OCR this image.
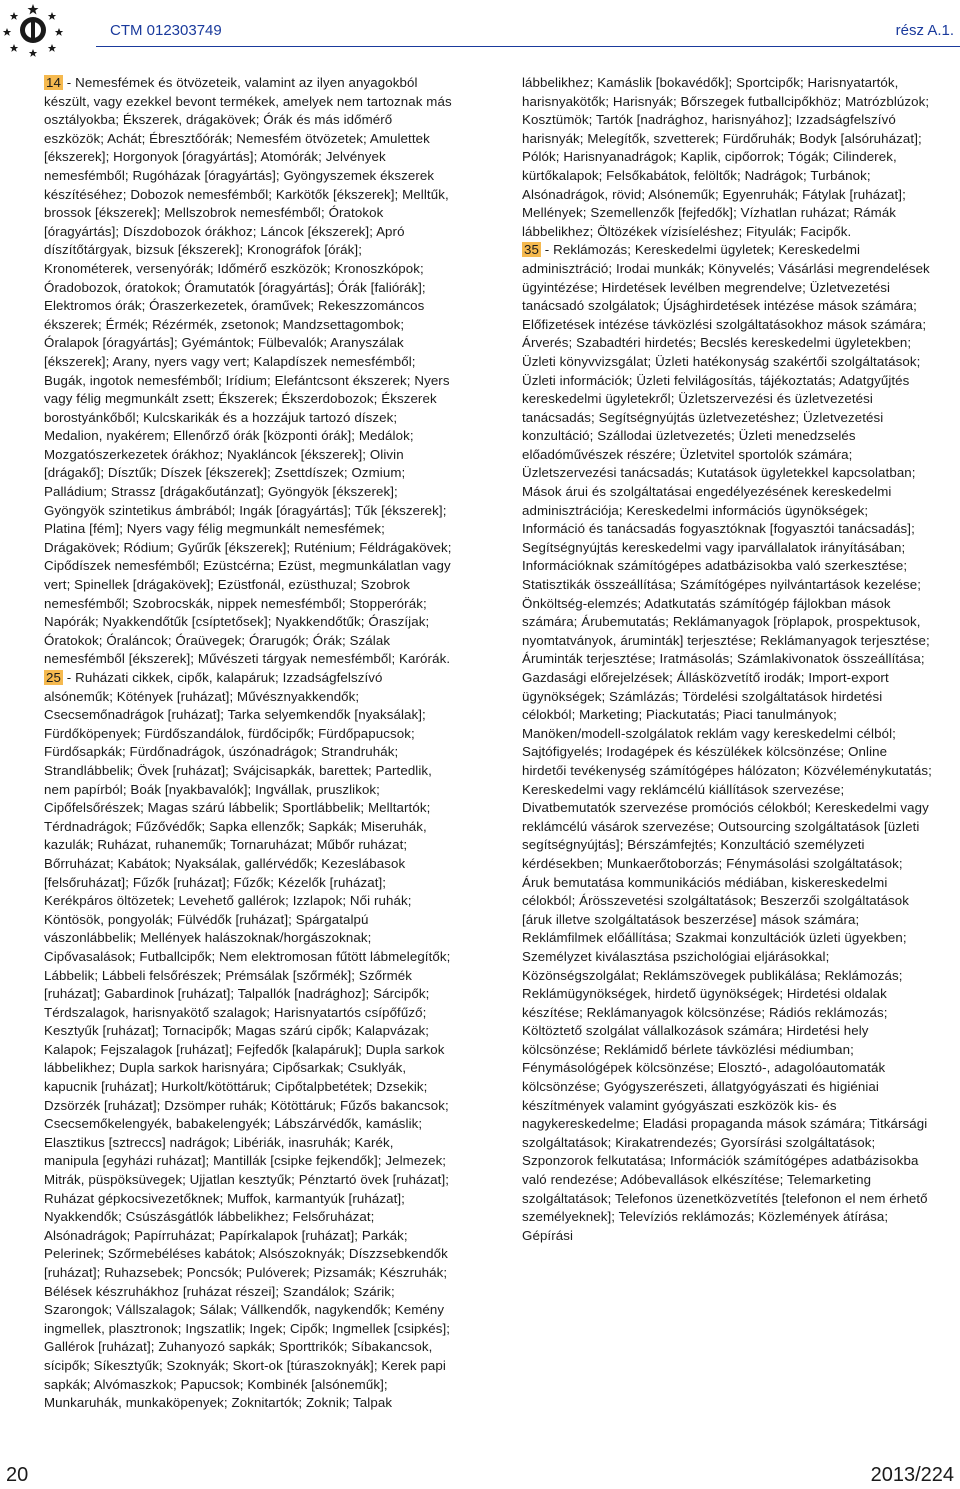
CTM 012303749	rész A.1.

14 - Nemesfémek és ötvözeteik, valamint az ilyen anyagokból készült, vagy ezekkel bevont termékek, amelyek nem tartoznak más osztályokba; Ékszerek, drágakövek; Órák és más időmérő eszközök; Achát; Ébresztőórák; Nemesfém ötvözetek; Amulettek [ékszerek]; Horgonyok [óragyártás]; Atomórák; Jelvények nemesfémből; Rugóházak [óragyártás]; Gyöngyszemek ékszerek készítéséhez; Dobozok nemesfémből; Karkötők [ékszerek]; Melltűk, brossok [ékszerek]; Mellszobrok nemesfémből; Óratokok [óragyártás]; Díszdobozok órákhoz; Láncok [ékszerek]; Apró díszítőtárgyak, bizsuk [ékszerek]; Kronográfok [órák]; Kronométerek, versenyórák; Időmérő eszközök; Kronoszkópok; Óradobozok, óratokok; Óramutatók [óragyártás]; Órák [faliórák]; Elektromos órák; Óraszerkezetek, óraművek; Rekeszzománcos ékszerek; Érmék; Rézérmék, zsetonok; Mandzsettagombok; Óralapok [óragyártás]; Gyémántok; Fülbevalók; Aranyszálak [ékszerek]; Arany, nyers vagy vert; Kalapdíszek nemesfémből; Bugák, ingotok nemesfémből; Irídium; Elefántcsont ékszerek; Nyers vagy félig megmunkált zsett; Ékszerek; Ékszerdobozok; Ékszerek borostyánkőből; Kulcskarikák és a hozzájuk tartozó díszek; Medalion, nyakérem; Ellenőrző órák [központi órák]; Medálok; Mozgatószerkezetek órákhoz; Nyakláncok [ékszerek]; Olivin [drágakő]; Dísztűk; Díszek [ékszerek]; Zsettdíszek; Ozmium; Palládium; Strassz [drágakőutánzat]; Gyöngyök [ékszerek]; Gyöngyök szintetikus ámbrából; Ingák [óragyártás]; Tűk [ékszerek]; Platina [fém]; Nyers vagy félig megmunkált nemesfémek; Drágakövek; Ródium; Gyűrűk [ékszerek]; Ruténium; Féldrágakövek; Cipődíszek nemesfémből; Ezüstcérna; Ezüst, megmunkálatlan vagy vert; Spinellek [drágakövek]; Ezüstfonál, ezüsthuzal; Szobrok nemesfémből; Szobrocskák, nippek nemesfémből; Stopperórák; Napórák; Nyakkendőtűk [csíptetősek]; Nyakkendőtűk; Óraszíjak; Óratokok; Óraláncok; Óraüvegek; Órarugók; Órák; Szálak nemesfémből [ékszerek]; Művészeti tárgyak nemesfémből; Karórák.

25 - Ruházati cikkek, cipők, kalapáruk; Izzadságfelszívó alsóneműk; Kötények [ruházat]; Művésznyakkendők; Csecsemőnadrágok [ruházat]; Tarka selyemkendők [nyaksálak]; Fürdőköpenyek; Fürdőszandálok, fürdőcipők; Fürdőpapucsok; Fürdősapkák; Fürdőnadrágok, úszónadrágok; Strandruhák; Strandlábbelik; Övek [ruházat]; Svájcisapkák, barettek; Partedlik, nem papírból; Boák [nyakbavalók]; Ingvállak, pruszlikok; Cipőfelsőrészek; Magas szárú lábbelik; Sportlábbelik; Melltartók; Térdnadrágok; Fűzővédők; Sapka ellenzők; Sapkák; Miseruhák, kazulák; Ruházat, ruhaneműk; Tornaruházat; Műbőr ruházat; Bőrruházat; Kabátok; Nyaksálak, gallérvédők; Kezeslábasok [felsőruházat]; Fűzők [ruházat]; Fűzők; Kézelők [ruházat]; Kerékpáros öltözetek; Levehető gallérok; Izzlapok; Női ruhák; Köntösök, pongyolák; Fülvédők [ruházat]; Spárgatalpú vászonlábbelik; Mellények halászoknak/horgászoknak; Cipővasalások; Futballcipők; Nem elektromosan fűtött lábmelegítők; Lábbelik; Lábbeli felsőrészek; Prémsálak [szőrmék]; Szőrmék [ruházat]; Gabardinok [ruházat]; Talpallók [nadrághoz]; Sárcipők; Térdszalagok, harisnyakötő szalagok; Harisnyatartós csípőfűző; Kesztyűk [ruházat]; Tornacipők; Magas szárú cipők; Kalapvázak; Kalapok; Fejszalagok [ruházat]; Fejfedők [kalapáruk]; Dupla sarkok lábbelikhez; Dupla sarkok harisnyára; Cipősarkak; Csuklyák, kapucnik [ruházat]; Hurkolt/kötöttáruk; Cipőtalpbetétek; Dzsekik; Dzsörzék [ruházat]; Dzsömper ruhák; Kötöttáruk; Fűzős bakancsok; Csecsemőkelengyék, babakelengyék; Lábszárvédők, kamáslik; Elasztikus [sztreccs] nadrágok; Libériák, inasruhák; Karék, manipula [egyházi ruházat]; Mantillák [csipke fejkendők]; Jelmezek; Mitrák, püspöksüvegek; Ujjatlan kesztyűk; Pénztartó övek [ruházat]; Ruházat gépkocsivezetőknek; Muffok, karmantyúk [ruházat]; Nyakkendők; Csúszásgátlók lábbelikhez; Felsőruházat; Alsónadrágok; Papírruházat; Papírkalapok [ruházat]; Parkák; Pelerinek; Szőrmebéléses kabátok; Alsószoknyák; Díszzsebkendők [ruházat]; Ruhazsebek; Poncsók; Pulóverek; Pizsamák; Készruhák; Bélések készruhákhoz [ruházat részei]; Szandálok; Szárik; Szarongok; Vállszalagok; Sálak; Vállkendők, nagykendők; Kemény ingmellek, plasztronok; Ingszatlik; Ingek; Cipők; Ingmellek [csipkés]; Gallérok [ruházat]; Zuhanyozó sapkák; Sporttrikók; Síbakancsok, sícipők; Síkesztyűk; Szoknyák; Skort-ok [túraszoknyák]; Kerek papi sapkák; Alvómaszkok; Papucsok; Kombinék [alsóneműk]; Munkaruhák, munkaköpenyek; Zoknitartók; Zoknik; Talpak

lábbelikhez; Kamáslik [bokavédők]; Sportcipők; Harisnyatartók, harisnyakötők; Harisnyák; Bőrszegek futballcipőkhöz; Matrózblúzok; Kosztümök; Tartók [nadrághoz, harisnyához]; Izzadságfelszívó harisnyák; Melegítők, szvetterek; Fürdőruhák; Bodyk [alsóruházat]; Pólók; Harisnyanadrágok; Kaplik, cipőorrok; Tógák; Cilinderek, kürtőkalapok; Felsőkabátok, felöltők; Nadrágok; Turbánok; Alsónadrágok, rövid; Alsóneműk; Egyenruhák; Fátylak [ruházat]; Mellények; Szemellenzők [fejfedők]; Vízhatlan ruházat; Rámák lábbelikhez; Öltözékek vízisíeléshez; Fityulák; Facipők.

35 - Reklámozás; Kereskedelmi ügyletek; Kereskedelmi adminisztráció; Irodai munkák; Könyvelés; Vásárlási megrendelések ügyintézése; Hirdetések levélben megrendelve; Üzletvezetési tanácsadó szolgálatok; Újsághirdetések intézése mások számára; Előfizetések intézése távközlési szolgáltatásokhoz mások számára; Árverés; Szabadtéri hirdetés; Becslés kereskedelmi ügyletekben; Üzleti könyvvizsgálat; Üzleti hatékonyság szakértői szolgáltatások; Üzleti információk; Üzleti felvilágosítás, tájékoztatás; Adatgyűjtés kereskedelmi ügyletekről; Üzletszervezési és üzletvezetési tanácsadás; Segítségnyújtás üzletvezetéshez; Üzletvezetési konzultáció; Szállodai üzletvezetés; Üzleti menedzselés előadóművészek részére; Üzletvitel sportolók számára; Üzletszervezési tanácsadás; Kutatások ügyletekkel kapcsolatban; Mások árui és szolgáltatásai engedélyezésének kereskedelmi adminisztrációja; Kereskedelmi információs ügynökségek; Információ és tanácsadás fogyasztóknak [fogyasztói tanácsadás]; Segítségnyújtás kereskedelmi vagy iparvállalatok irányításában; Információknak számítógépes adatbázisokba való szerkesztése; Statisztikák összeállítása; Számítógépes nyilvántartások kezelése; Önköltség-elemzés; Adatkutatás számítógép fájlokban mások számára; Árubemutatás; Reklámanyagok [röplapok, prospektusok, nyomtatványok, áruminták] terjesztése; Reklámanyagok terjesztése; Áruminták terjesztése; Iratmásolás; Számlakivonatok összeállítása; Gazdasági előrejelzések; Állásközvetítő irodák; Import-export ügynökségek; Számlázás; Tördelési szolgáltatások hirdetési célokból; Marketing; Piackutatás; Piaci tanulmányok; Manöken/modell-szolgálatok reklám vagy kereskedelmi célból; Sajtófigyelés; Irodagépek és készülékek kölcsönzése; Online hirdetői tevékenység számítógépes hálózaton; Közvéleménykutatás; Kereskedelmi vagy reklámcélú kiállítások szervezése; Divatbemutatók szervezése promóciós célokból; Kereskedelmi vagy reklámcélú vásárok szervezése; Outsourcing szolgáltatások [üzleti segítségnyújtás]; Bérszámfejtés; Konzultáció személyzeti kérdésekben; Munkaerőtoborzás; Fénymásolási szolgáltatások; Áruk bemutatása kommunikációs médiában, kiskereskedelmi célokból; Árösszevetési szolgáltatások; Beszerzői szolgáltatások [áruk illetve szolgáltatások beszerzése] mások számára; Reklámfilmek előállítása; Szakmai konzultációk üzleti ügyekben; Személyzet kiválasztása pszichológiai eljárásokkal; Közönségszolgálat; Reklámszövegek publikálása; Reklámozás; Reklámügynökségek, hirdető ügynökségek; Hirdetési oldalak készítése; Reklámanyagok kölcsönzése; Rádiós reklámozás; Költöztető szolgálat vállalkozások számára; Hirdetési hely kölcsönzése; Reklámidő bérlete távközlési médiumban; Fénymásológépek kölcsönzése; Elosztó-, adagolóautomaták kölcsönzése; Gyógyszerészeti, állatgyógyászati és higiéniai készítmények valamint gyógyászati eszközök kis- és nagykereskedelme; Eladási propaganda mások számára; Titkársági szolgáltatások; Kirakatrendezés; Gyorsírási szolgáltatások; Szponzorok felkutatása; Információk számítógépes adatbázisokba való rendezése; Adóbevallások elkészítése; Telemarketing szolgáltatások; Telefonos üzenetközvetítés [telefonon el nem érhető személyeknek]; Televíziós reklámozás; Közlemények átírása; Gépírási

20	2013/224
